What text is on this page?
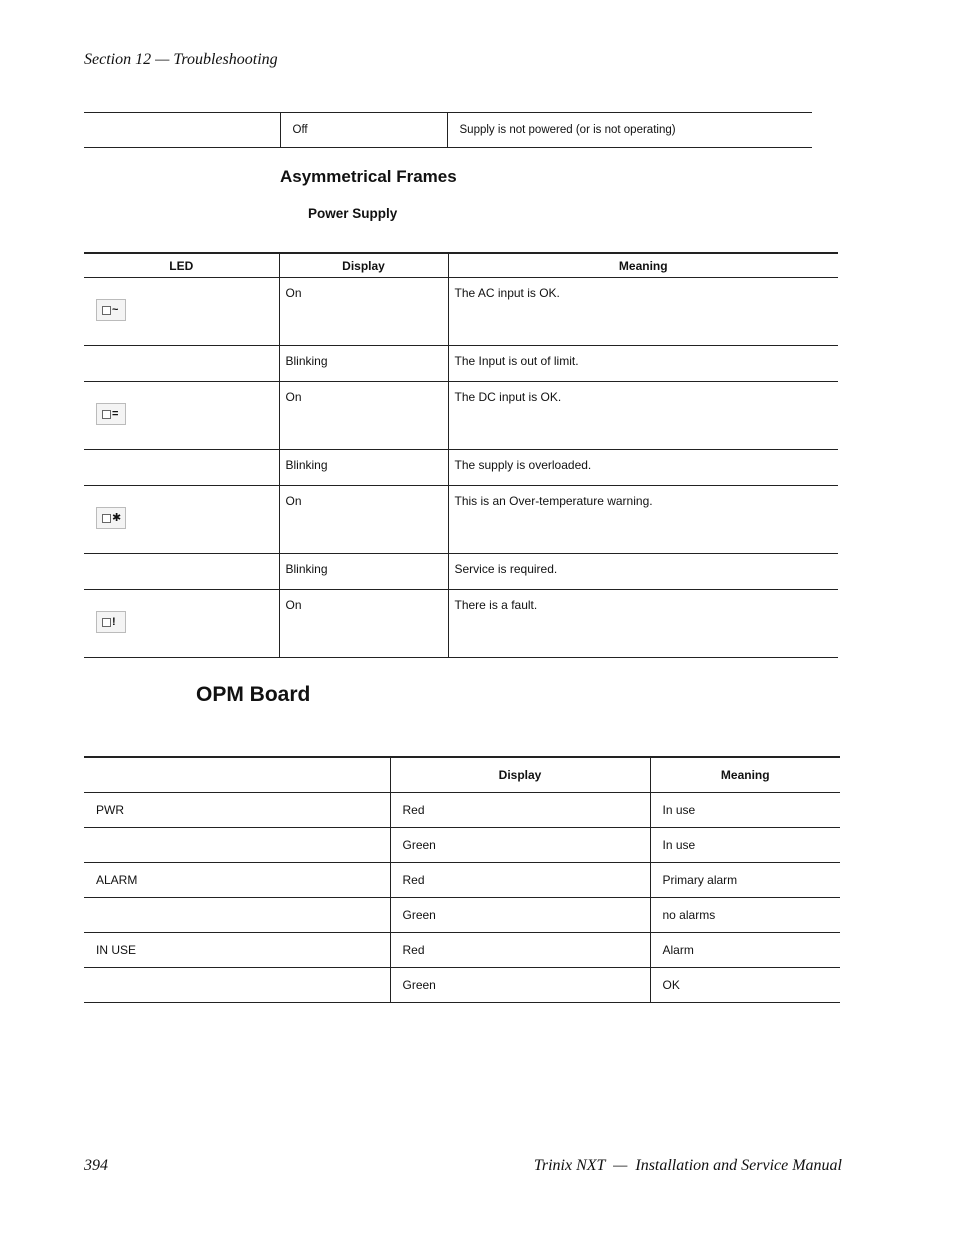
Section 12 — Troubleshooting
	Off	Supply is not powered (or is not operating)
Asymmetrical Frames
Power Supply
LED	Display	Meaning

~	On	The AC input is OK.
	Blinking	The Input is out of limit.

=	On	The DC input is OK.
	Blinking	The supply is overloaded.

✱	On	This is an Over-temperature warning.
	Blinking	Service is required.

!	On	There is a fault.
OPM Board
	Display	Meaning
PWR	Red	In use
	Green	In use
ALARM	Red	Primary alarm
	Green	no alarms
IN USE	Red	Alarm
	Green	OK
394	Trinix NXT  —  Installation and Service Manual
